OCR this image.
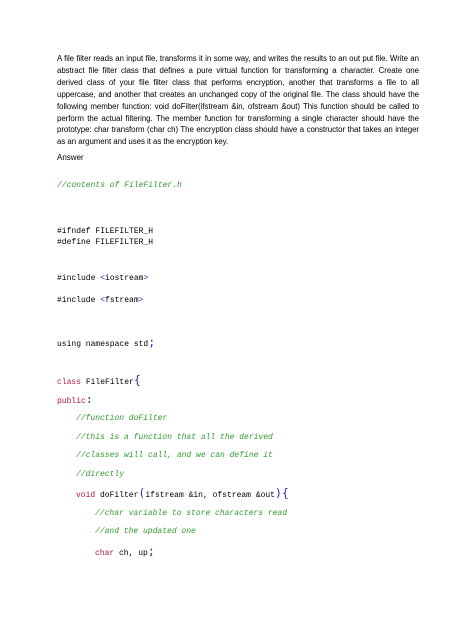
A file filter reads an input file, transforms it in some way, and writes the results to an out put file. Write an abstract file filter class that defines a pure virtual function for transforming a character. Create one derived class of your file filter class that performs encryption, another that transforms a file to all uppercase, and another that creates an unchanged copy of the original file. The class should have the following member function: void doFilter(ifstream &in, ofstream &out) This function should be called to perform the actual filtering. The member function for transforming a single character should have the prototype: char transform (char ch) The encryption class should have a constructor that takes an integer as an argument and uses it as the encryption key.

Answer

//contents of FileFilter.h

#ifndef FILEFILTER_H

#define FILEFILTER_H

#include <iostream>

#include <fstream>

using namespace std;

class FileFilter{

public:

//function doFilter

//this is a function that all the derived

//classes will call, and we can define it

//directly

void doFilter(ifstream &in, ofstream &out){

//char variable to store characters read

//and the updated one

char ch, up;
